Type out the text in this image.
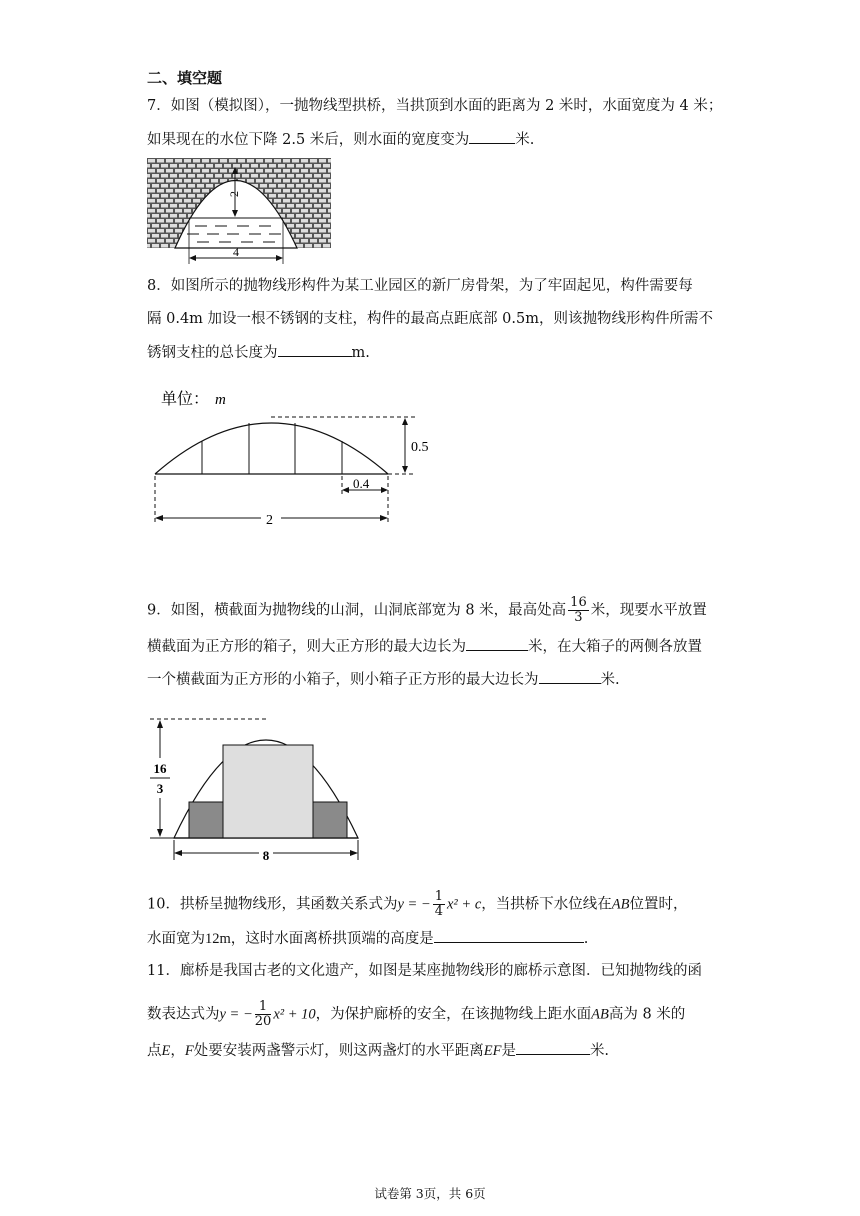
二、填空题
7．如图（模拟图），一抛物线型拱桥，当拱顶到水面的距离为 2 米时，水面宽度为 4 米；
如果现在的水位下降 2.5 米后，则水面的宽度变为	米.
2
4
8．如图所示的抛物线形构件为某工业园区的新厂房骨架，为了牢固起见，构件需要每
隔 0.4m 加设一根不锈钢的支柱，构件的最高点距底部 0.5m，则该抛物线形构件所需不
锈钢支柱的总长度为	m.
单位： m
0.5
0.4
2
9．如图，横截面为抛物线的山洞，山洞底部宽为 8 米，最高处高 $\frac{16}{3}$ 米，现要水平放置
横截面为正方形的箱子，则大正方形的最大边长为	米，在大箱子的两侧各放置
一个横截面为正方形的小箱子，则小箱子正方形的最大边长为	米.
16
3
8
10．拱桥呈抛物线形，其函数关系式为y = − $\frac{1}{4} x^2 + c$，当拱桥下水位线在AB位置时，
水面宽为12m，这时水面离桥拱顶端的高度是	.
11．廊桥是我国古老的文化遗产，如图是某座抛物线形的廊桥示意图．已知抛物线的函
数表达式为y = − $\frac{1}{20} x^2 + 10$，为保护廊桥的安全，在该抛物线上距水面AB高为 8 米的
点E，F处要安装两盏警示灯，则这两盏灯的水平距离EF是	米.
试卷第 3页，共 6页
